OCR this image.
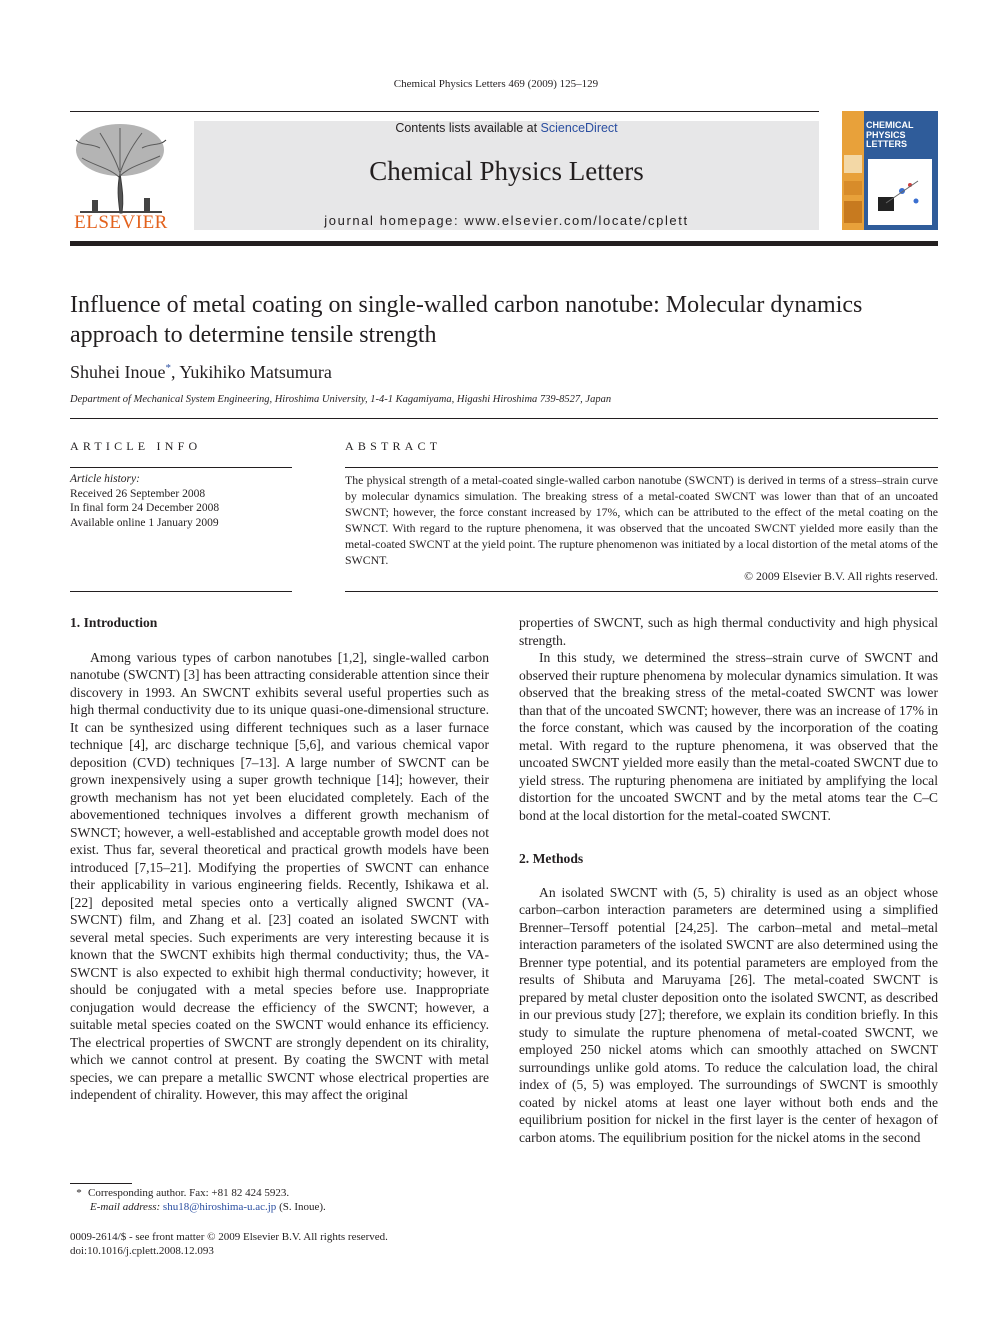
Chemical Physics Letters 469 (2009) 125–129
ELSEVIER
Contents lists available at ScienceDirect
Chemical Physics Letters
journal homepage: www.elsevier.com/locate/cplett
CHEMICAL PHYSICS LETTERS
Influence of metal coating on single-walled carbon nanotube: Molecular dynamics approach to determine tensile strength
Shuhei Inoue*, Yukihiko Matsumura
Department of Mechanical System Engineering, Hiroshima University, 1-4-1 Kagamiyama, Higashi Hiroshima 739-8527, Japan
ARTICLE INFO	ABSTRACT
Article history:
Received 26 September 2008
In final form 24 December 2008
Available online 1 January 2009
The physical strength of a metal-coated single-walled carbon nanotube (SWCNT) is derived in terms of a stress–strain curve by molecular dynamics simulation. The breaking stress of a metal-coated SWCNT was lower than that of an uncoated SWCNT; however, the force constant increased by 17%, which can be attributed to the effect of the metal coating on the SWNCT. With regard to the rupture phenomena, it was observed that the uncoated SWCNT yielded more easily than the metal-coated SWCNT at the yield point. The rupture phenomenon was initiated by a local distortion of the metal atoms of the SWCNT.
© 2009 Elsevier B.V. All rights reserved.
1. Introduction

Among various types of carbon nanotubes [1,2], single-walled carbon nanotube (SWCNT) [3] has been attracting considerable attention since their discovery in 1993. An SWCNT exhibits several useful properties such as high thermal conductivity due to its unique quasi-one-dimensional structure. It can be synthesized using different techniques such as a laser furnace technique [4], arc discharge technique [5,6], and various chemical vapor deposition (CVD) techniques [7–13]. A large number of SWCNT can be grown inexpensively using a super growth technique [14]; however, their growth mechanism has not yet been elucidated completely. Each of the abovementioned techniques involves a different growth mechanism of SWNCT; however, a well-established and acceptable growth model does not exist. Thus far, several theoretical and practical growth models have been introduced [7,15–21]. Modifying the properties of SWCNT can enhance their applicability in various engineering fields. Recently, Ishikawa et al. [22] deposited metal species onto a vertically aligned SWCNT (VA-SWCNT) film, and Zhang et al. [23] coated an isolated SWCNT with several metal species. Such experiments are very interesting because it is known that the SWCNT exhibits high thermal conductivity; thus, the VA-SWCNT is also expected to exhibit high thermal conductivity; however, it should be conjugated with a metal species before use. Inappropriate conjugation would decrease the efficiency of the SWCNT; however, a suitable metal species coated on the SWCNT would enhance its efficiency. The electrical properties of SWCNT are strongly dependent on its chirality, which we cannot control at present. By coating the SWCNT with metal species, we can prepare a metallic SWCNT whose electrical properties are independent of chirality. However, this may affect the original

properties of SWCNT, such as high thermal conductivity and high physical strength.

In this study, we determined the stress–strain curve of SWCNT and observed their rupture phenomena by molecular dynamics simulation. It was observed that the breaking stress of the metal-coated SWCNT was lower than that of the uncoated SWCNT; however, there was an increase of 17% in the force constant, which was caused by the incorporation of the coating metal. With regard to the rupture phenomena, it was observed that the uncoated SWCNT yielded more easily than the metal-coated SWCNT due to yield stress. The rupturing phenomena are initiated by amplifying the local distortion for the uncoated SWCNT and by the metal atoms tear the C–C bond at the local distortion for the metal-coated SWCNT.

2. Methods

An isolated SWCNT with (5, 5) chirality is used as an object whose carbon–carbon interaction parameters are determined using a simplified Brenner–Tersoff potential [24,25]. The carbon–metal and metal–metal interaction parameters of the isolated SWCNT are also determined using the Brenner type potential, and its potential parameters are employed from the results of Shibuta and Maruyama [26]. The metal-coated SWCNT is prepared by metal cluster deposition onto the isolated SWCNT, as described in our previous study [27]; therefore, we explain its condition briefly. In this study to simulate the rupture phenomena of metal-coated SWCNT, we employed 250 nickel atoms which can smoothly attached on SWCNT surroundings unlike gold atoms. To reduce the calculation load, the chiral index of (5, 5) was employed. The surroundings of SWCNT is smoothly coated by nickel atoms at least one layer without both ends and the equilibrium position for nickel in the first layer is the center of hexagon of carbon atoms. The equilibrium position for the nickel atoms in the second

* Corresponding author. Fax: +81 82 424 5923.
E-mail address: shu18@hiroshima-u.ac.jp (S. Inoue).
0009-2614/$ - see front matter © 2009 Elsevier B.V. All rights reserved.
doi:10.1016/j.cplett.2008.12.093
